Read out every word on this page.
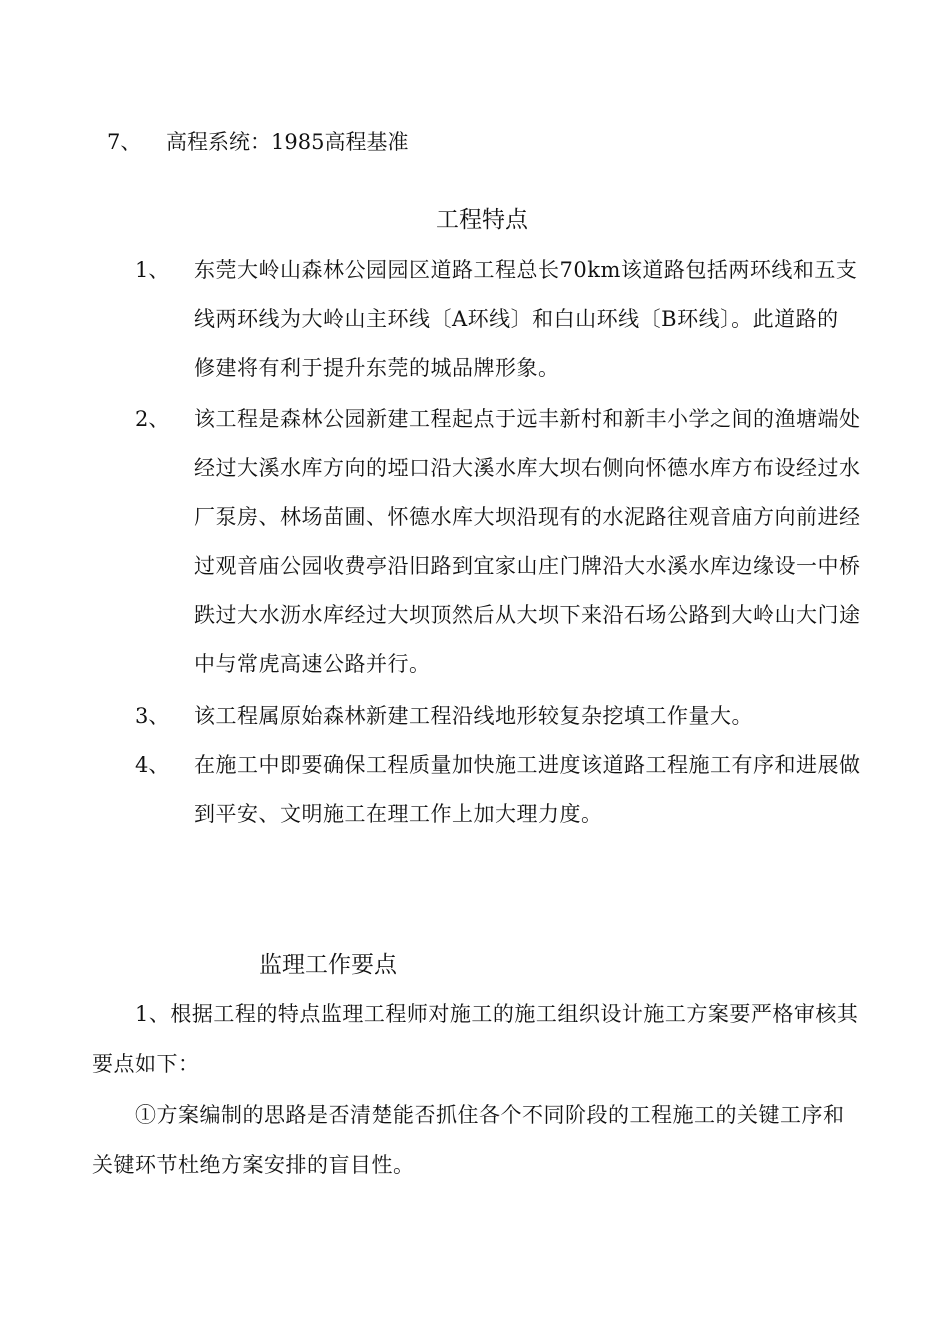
7、 高程系统：1985高程基准
工程特点
1、 东莞大岭山森林公园园区道路工程总长70km该道路包括两环线和五支
线两环线为大岭山主环线〔A环线〕和白山环线〔B环线〕。此道路的
修建将有利于提升东莞的城品牌形象。
2、 该工程是森林公园新建工程起点于远丰新村和新丰小学之间的渔塘端处
经过大溪水库方向的埡口沿大溪水库大坝右侧向怀德水库方布设经过水
厂泵房、林场苗圃、怀德水库大坝沿现有的水泥路往观音庙方向前进经
过观音庙公园收费亭沿旧路到宜家山庄门牌沿大水溪水库边缘设一中桥
跌过大水沥水库经过大坝顶然后从大坝下来沿石场公路到大岭山大门途
中与常虎高速公路并行。
3、 该工程属原始森林新建工程沿线地形较复杂挖填工作量大。
4、 在施工中即要确保工程质量加快施工进度该道路工程施工有序和进展做
到平安、文明施工在理工作上加大理力度。
监理工作要点
1、根据工程的特点监理工程师对施工的施工组织设计施工方案要严格审核其
要点如下：
①方案编制的思路是否清楚能否抓住各个不同阶段的工程施工的关键工序和
关键环节杜绝方案安排的盲目性。
